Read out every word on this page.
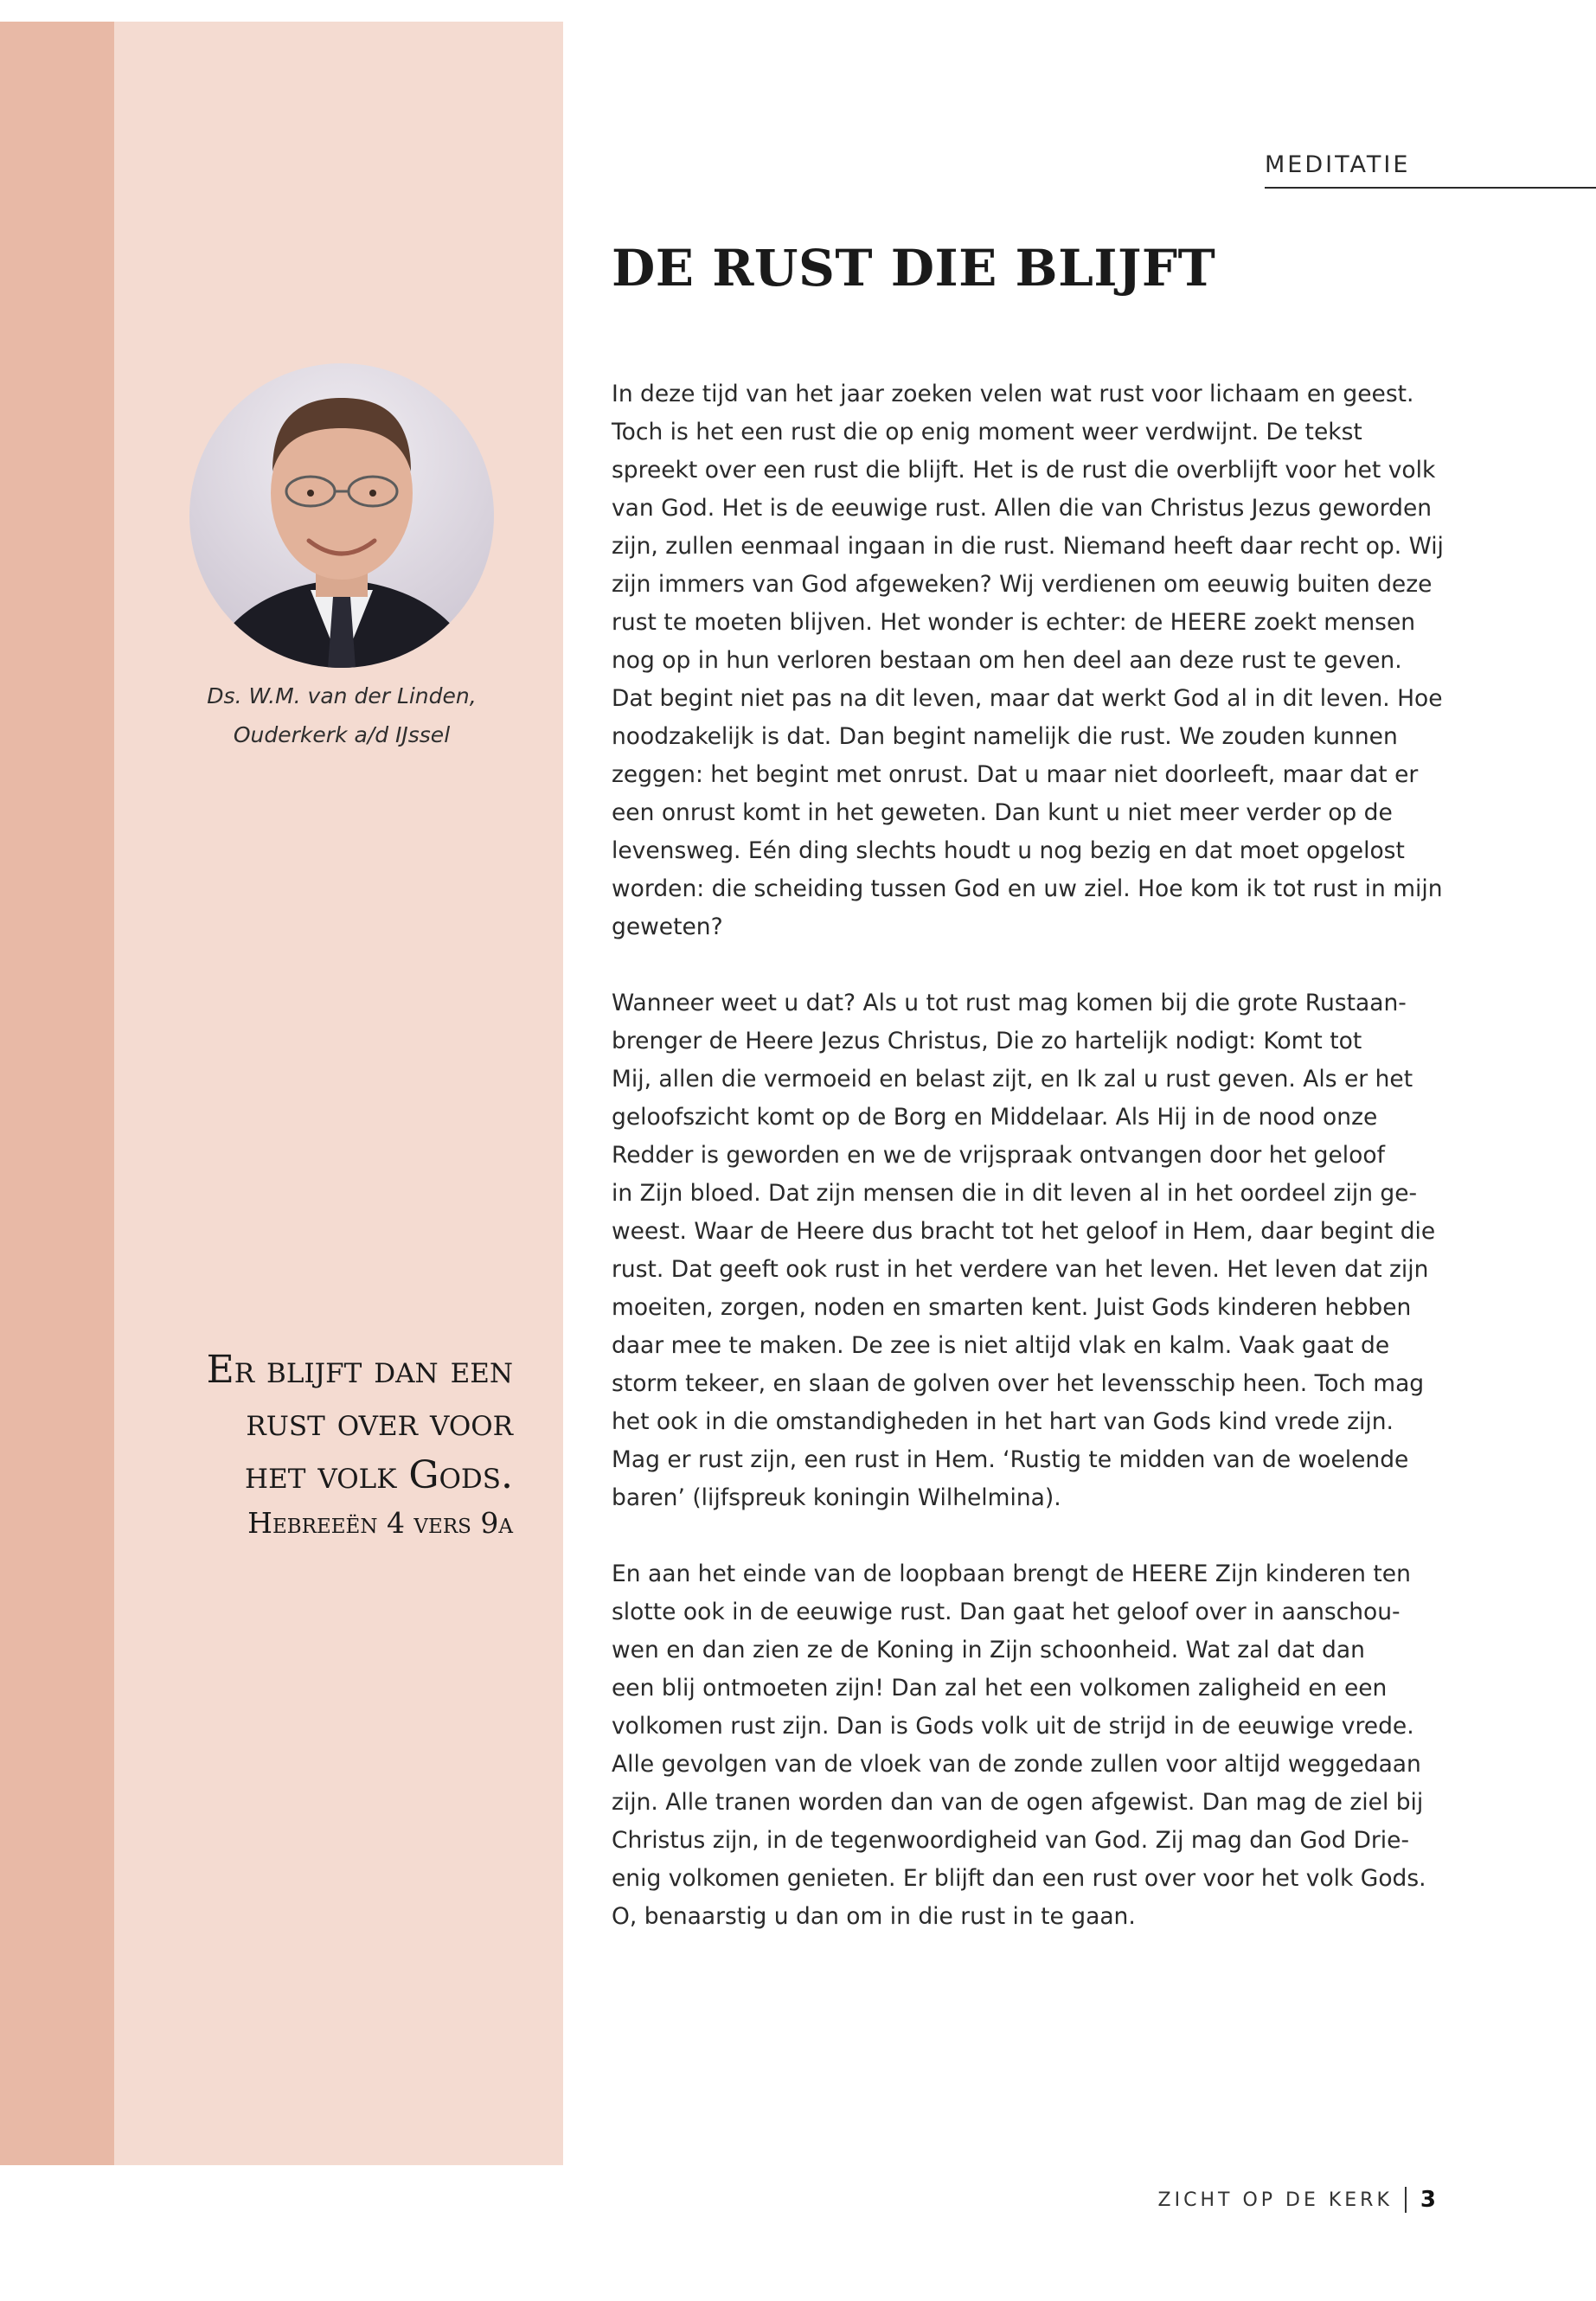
MEDITATIE
DE RUST DIE BLIJFT
Ds. W.M. van der Linden,
Ouderkerk a/d IJssel
Er blijft dan een
rust over voor
het volk Gods.
Hebreeën 4 vers 9a
In deze tijd van het jaar zoeken velen wat rust voor lichaam en geest.
Toch is het een rust die op enig moment weer verdwijnt. De tekst
spreekt over een rust die blijft. Het is de rust die overblijft voor het volk
van God. Het is de eeuwige rust. Allen die van Christus Jezus geworden
zijn, zullen eenmaal ingaan in die rust. Niemand heeft daar recht op. Wij
zijn immers van God afgeweken? Wij verdienen om eeuwig buiten deze
rust te moeten blijven. Het wonder is echter: de HEERE zoekt mensen
nog op in hun verloren bestaan om hen deel aan deze rust te geven.
Dat begint niet pas na dit leven, maar dat werkt God al in dit leven. Hoe
noodzakelijk is dat. Dan begint namelijk die rust. We zouden kunnen
zeggen: het begint met onrust. Dat u maar niet doorleeft, maar dat er
een onrust komt in het geweten. Dan kunt u niet meer verder op de
levensweg. Eén ding slechts houdt u nog bezig en dat moet opgelost
worden: die scheiding tussen God en uw ziel. Hoe kom ik tot rust in mijn
geweten?
Wanneer weet u dat? Als u tot rust mag komen bij die grote Rustaan-
brenger de Heere Jezus Christus, Die zo hartelijk nodigt: Komt tot
Mij, allen die vermoeid en belast zijt, en Ik zal u rust geven. Als er het
geloofszicht komt op de Borg en Middelaar. Als Hij in de nood onze
Redder is geworden en we de vrijspraak ontvangen door het geloof
in Zijn bloed. Dat zijn mensen die in dit leven al in het oordeel zijn ge-
weest. Waar de Heere dus bracht tot het geloof in Hem, daar begint die
rust. Dat geeft ook rust in het verdere van het leven. Het leven dat zijn
moeiten, zorgen, noden en smarten kent. Juist Gods kinderen hebben
daar mee te maken. De zee is niet altijd vlak en kalm. Vaak gaat de
storm tekeer, en slaan de golven over het levensschip heen. Toch mag
het ook in die omstandigheden in het hart van Gods kind vrede zijn.
Mag er rust zijn, een rust in Hem. ‘Rustig te midden van de woelende
baren’ (lijfspreuk koningin Wilhelmina).
En aan het einde van de loopbaan brengt de HEERE Zijn kinderen ten
slotte ook in de eeuwige rust. Dan gaat het geloof over in aanschou-
wen en dan zien ze de Koning in Zijn schoonheid. Wat zal dat dan
een blij ontmoeten zijn! Dan zal het een volkomen zaligheid en een
volkomen rust zijn. Dan is Gods volk uit de strijd in de eeuwige vrede.
Alle gevolgen van de vloek van de zonde zullen voor altijd weggedaan
zijn. Alle tranen worden dan van de ogen afgewist. Dan mag de ziel bij
Christus zijn, in de tegenwoordigheid van God. Zij mag dan God Drie-
enig volkomen genieten. Er blijft dan een rust over voor het volk Gods.
O, benaarstig u dan om in die rust in te gaan.
ZICHT OP DE KERK 3
